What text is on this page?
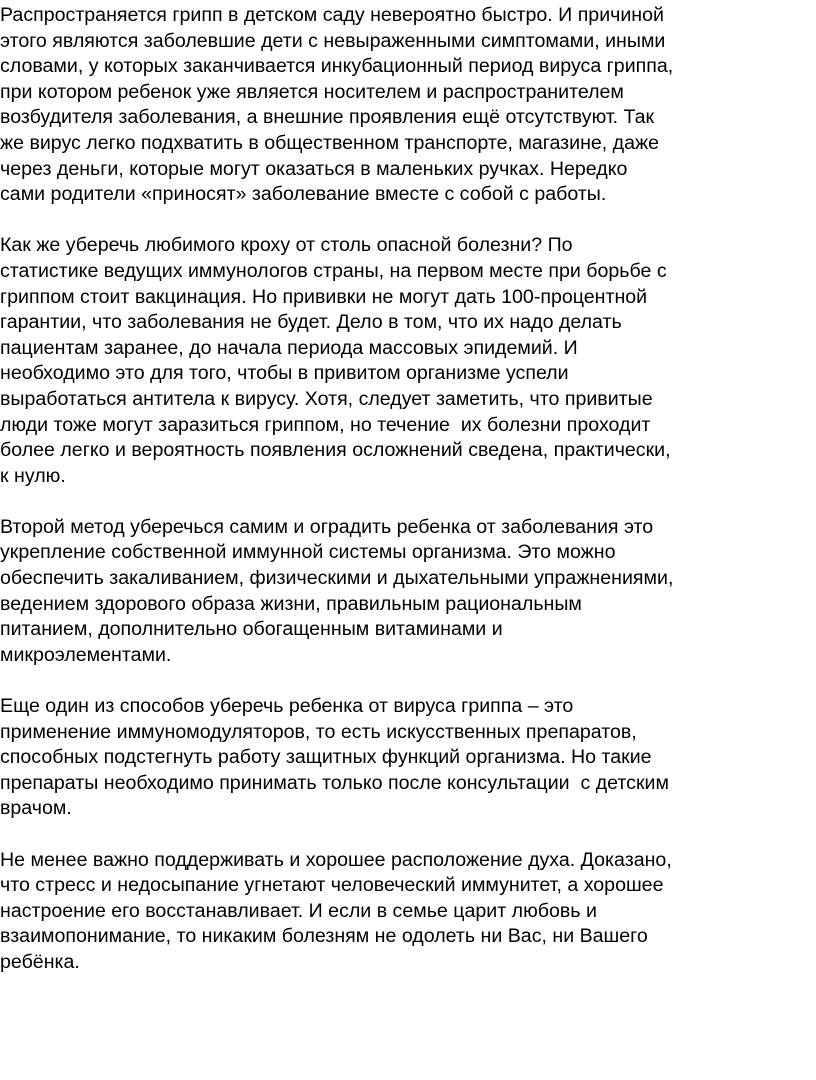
Распространяется грипп в детском саду невероятно быстро. И причиной
этого являются заболевшие дети с невыраженными симптомами, иными
словами, у которых заканчивается инкубационный период вируса гриппа,
при котором ребенок уже является носителем и распространителем
возбудителя заболевания, а внешние проявления ещё отсутствуют. Так
же вирус легко подхватить в общественном транспорте, магазине, даже
через деньги, которые могут оказаться в маленьких ручках. Нередко
сами родители «приносят» заболевание вместе с собой с работы.

Как же уберечь любимого кроху от столь опасной болезни? По
статистике ведущих иммунологов страны, на первом месте при борьбе с
гриппом стоит вакцинация. Но прививки не могут дать 100-процентной
гарантии, что заболевания не будет. Дело в том, что их надо делать
пациентам заранее, до начала периода массовых эпидемий. И
необходимо это для того, чтобы в привитом организме успели
выработаться антитела к вирусу. Хотя, следует заметить, что привитые
люди тоже могут заразиться гриппом, но течение  их болезни проходит
более легко и вероятность появления осложнений сведена, практически,
к нулю.

Второй метод уберечься самим и оградить ребенка от заболевания это
укрепление собственной иммунной системы организма. Это можно
обеспечить закаливанием, физическими и дыхательными упражнениями,
ведением здорового образа жизни, правильным рациональным
питанием, дополнительно обогащенным витаминами и
микроэлементами.

Еще один из способов уберечь ребенка от вируса гриппа – это
применение иммуномодуляторов, то есть искусственных препаратов,
способных подстегнуть работу защитных функций организма. Но такие
препараты необходимо принимать только после консультации  с детским
врачом.

Не менее важно поддерживать и хорошее расположение духа. Доказано,
что стресс и недосыпание угнетают человеческий иммунитет, а хорошее
настроение его восстанавливает. И если в семье царит любовь и
взаимопонимание, то никаким болезням не одолеть ни Вас, ни Вашего
ребёнка.
